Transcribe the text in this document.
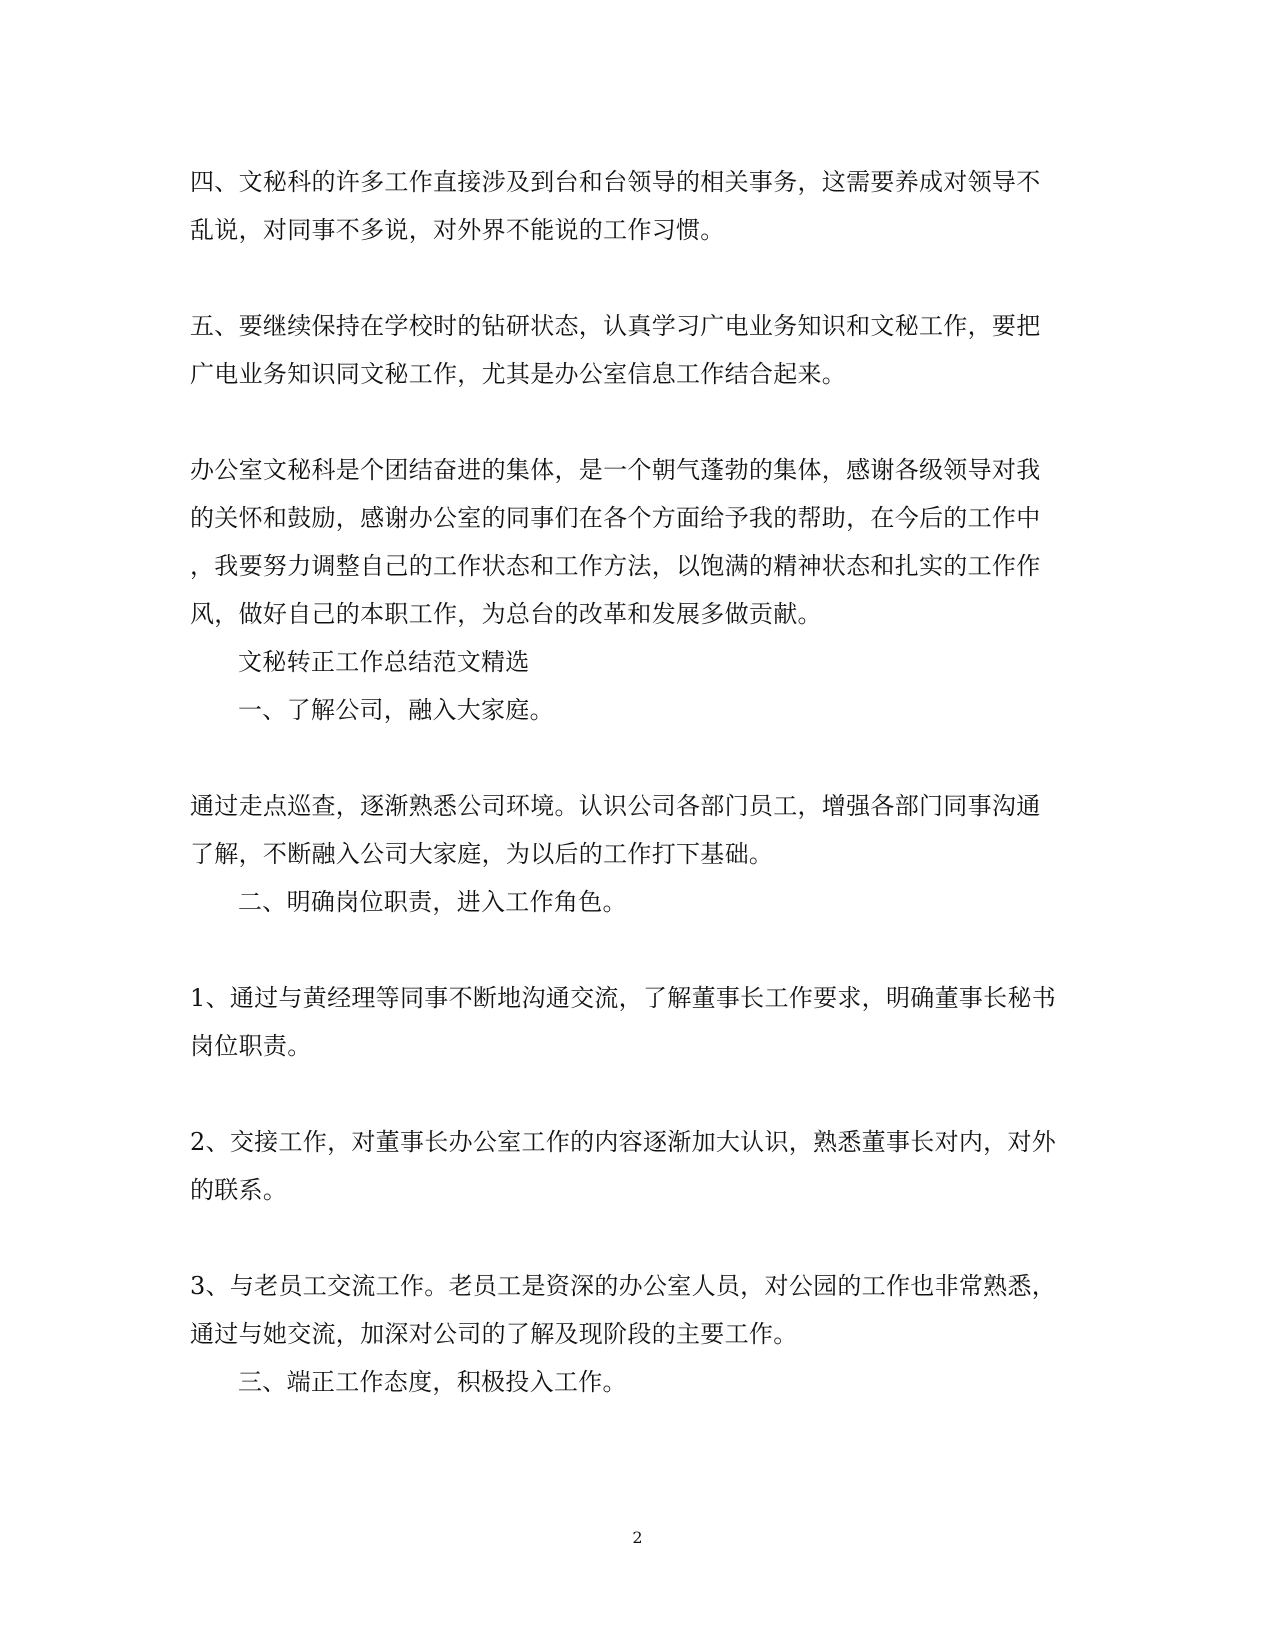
四、文秘科的许多工作直接涉及到台和台领导的相关事务，这需要养成对领导不
乱说，对同事不多说，对外界不能说的工作习惯。

五、要继续保持在学校时的钻研状态，认真学习广电业务知识和文秘工作，要把
广电业务知识同文秘工作，尤其是办公室信息工作结合起来。

办公室文秘科是个团结奋进的集体，是一个朝气蓬勃的集体，感谢各级领导对我
的关怀和鼓励，感谢办公室的同事们在各个方面给予我的帮助，在今后的工作中
，我要努力调整自己的工作状态和工作方法，以饱满的精神状态和扎实的工作作
风，做好自己的本职工作，为总台的改革和发展多做贡献。

文秘转正工作总结范文精选

一、了解公司，融入大家庭。

通过走点巡查，逐渐熟悉公司环境。认识公司各部门员工，增强各部门同事沟通
了解，不断融入公司大家庭，为以后的工作打下基础。

二、明确岗位职责，进入工作角色。

1、通过与黄经理等同事不断地沟通交流，了解董事长工作要求，明确董事长秘书
岗位职责。

2、交接工作，对董事长办公室工作的内容逐渐加大认识，熟悉董事长对内，对外
的联系。

3、与老员工交流工作。老员工是资深的办公室人员，对公园的工作也非常熟悉，
通过与她交流，加深对公司的了解及现阶段的主要工作。

三、端正工作态度，积极投入工作。

2
